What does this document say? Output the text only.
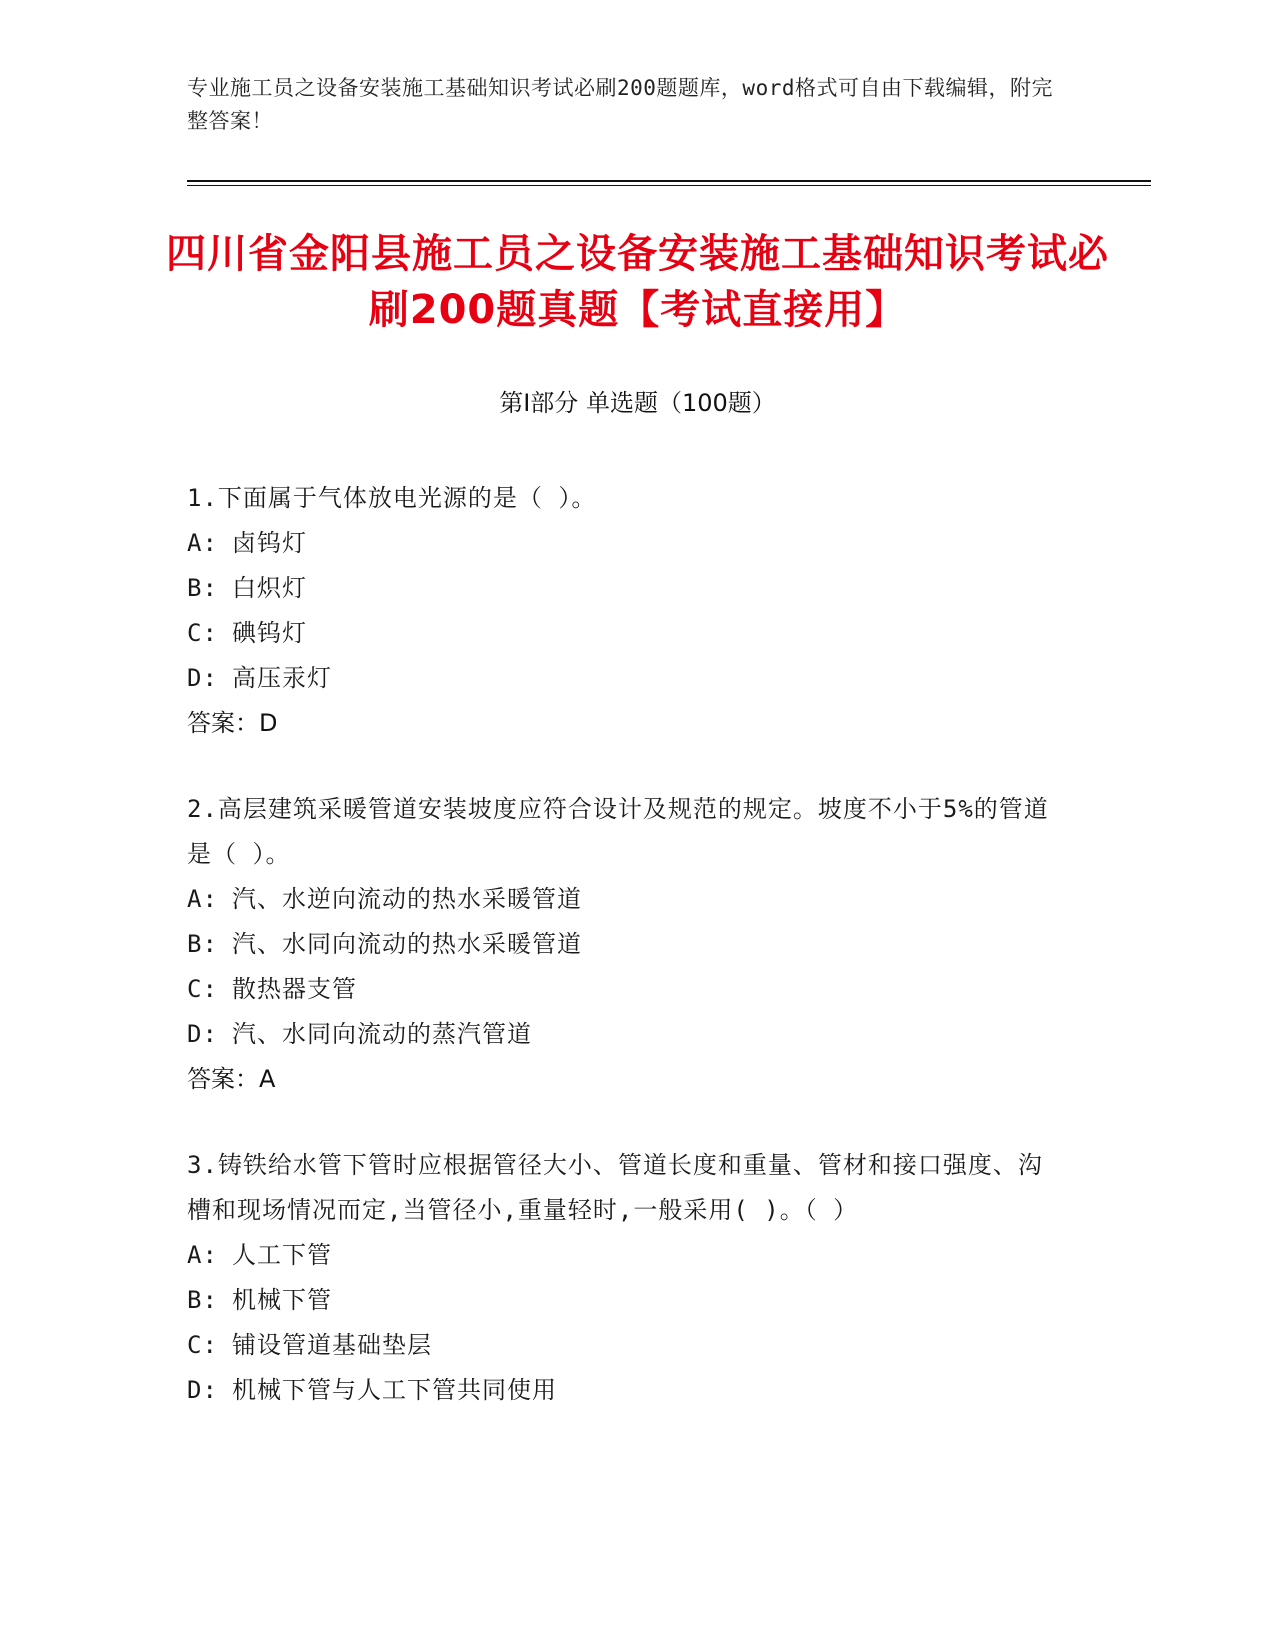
专业施工员之设备安装施工基础知识考试必刷200题题库，word格式可自由下载编辑，附完整答案！
四川省金阳县施工员之设备安装施工基础知识考试必刷200题真题【考试直接用】
第Ⅰ部分 单选题（100题）
1.下面属于气体放电光源的是（ ）。
A: 卤钨灯
B: 白炽灯
C: 碘钨灯
D: 高压汞灯
答案： D
2.高层建筑采暖管道安装坡度应符合设计及规范的规定。坡度不小于5%的管道是（ ）。
A: 汽、水逆向流动的热水采暖管道
B: 汽、水同向流动的热水采暖管道
C: 散热器支管
D: 汽、水同向流动的蒸汽管道
答案： A
3.铸铁给水管下管时应根据管径大小、管道长度和重量、管材和接口强度、沟槽和现场情况而定,当管径小,重量轻时,一般采用( )。（ ）
A: 人工下管
B: 机械下管
C: 铺设管道基础垫层
D: 机械下管与人工下管共同使用
